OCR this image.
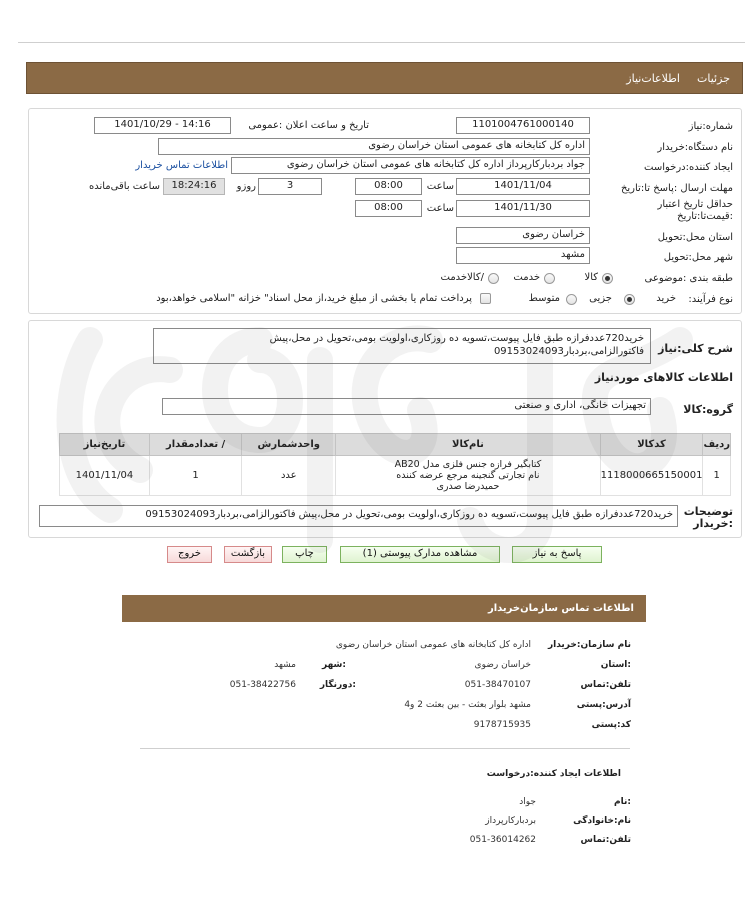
جزئیات
اطلاعات‌نیاز
شماره:نیاز
1101004761000140
تاریخ و ساعت اعلان :عمومی
1401/10/29 - 14:16
نام دستگاه:خریدار
اداره کل کتابخانه های عمومی استان خراسان رضوی
ایجاد کننده:درخواست
جواد بردبارکارپرداز اداره کل کتابخانه های عمومی استان خراسان رضوی
اطلاعات تماس خریدار
مهلت ارسال :پاسخ تا:تاریخ
1401/11/04
ساعت
08:00
3
روزو
18:24:16
ساعت باقی‌مانده
حداقل تاریخ اعتبار :قیمت‌تا:تاریخ
1401/11/30
ساعت
08:00
استان محل:تحویل
خراسان رضوی
شهر محل:تحویل
مشهد
طبقه بندی :موضوعی
کالا
خدمت
/کالاخدمت
نوع فرآیند:
خرید
جزیی
متوسط
پرداخت تمام یا بخشی از مبلغ خرید،از محل اسناد" خزانه "اسلامی خواهد،بود
شرح کلی:نیاز
خرید720عددفرازه طبق فایل پیوست،تسویه ده روزکاری،اولویت بومی،تحویل در محل،پیش فاکتورالزامی،بردبار09153024093
اطلاعات کالاهای موردنیاز
گروه:کالا
تجهیزات خانگی، اداری و صنعتی
ردیف	کدکالا	نام‌کالا	واحدشمارش	/ تعدادمقدار	تاریخ‌نیاز
1	1118000665150001	کتابگیر فرازه جنس فلزی مدل AB20
نام تجارتی گنجینه مرجع عرضه کننده
حمیدرضا صدری	عدد	1	1401/11/04
توضیحات :خریدار
خرید720عددفرازه طبق فایل پیوست،تسویه ده روزکاری،اولویت بومی،تحویل در محل،پیش فاکتورالزامی،بردبار09153024093
پاسخ به نیاز
مشاهده مدارک پیوستی (1)
چاپ
بازگشت
خروج
اطلاعات تماس سازمان‌خریدار
نام سازمان:خریدار
اداره کل کتابخانه های عمومی استان خراسان رضوی
:استان
خراسان رضوی
:شهر
مشهد
تلفن:تماس
051-38470107
:دورنگار
051-38422756
آدرس:پستی
مشهد بلوار بعثت - بین بعثت 2 و4
کد:پستی
9178715935
اطلاعات ایجاد کننده:درخواست
:نام
جواد
نام:خانوادگی
بردبارکارپرداز
تلفن:تماس
051-36014262
